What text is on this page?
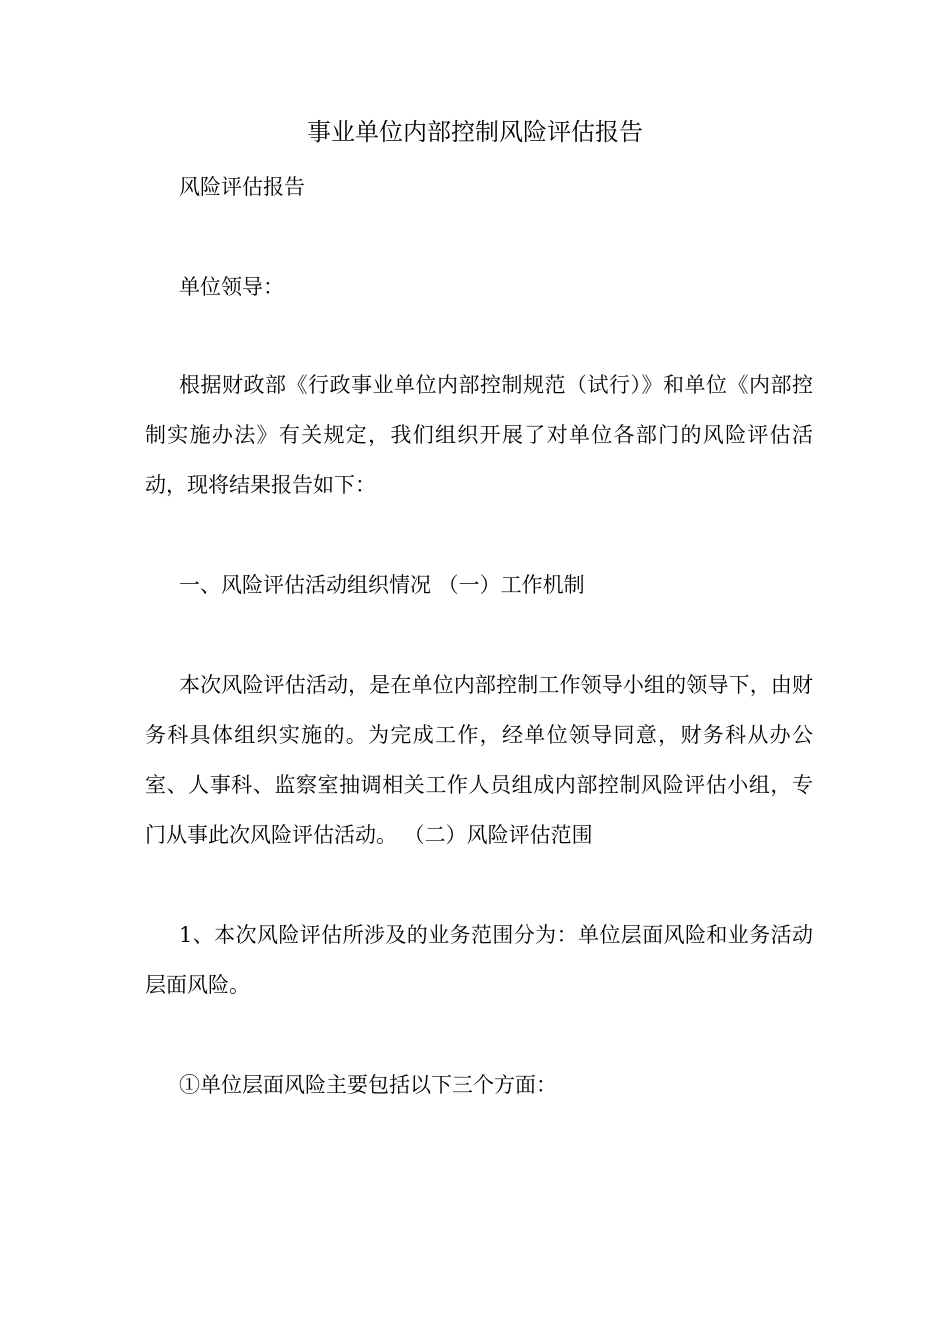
事业单位内部控制风险评估报告
风险评估报告
单位领导：
根据财政部《行政事业单位内部控制规范（试行）》和单位《内部控制实施办法》有关规定，我们组织开展了对单位各部门的风险评估活动，现将结果报告如下：
一、风险评估活动组织情况 （一）工作机制
本次风险评估活动，是在单位内部控制工作领导小组的领导下，由财务科具体组织实施的。为完成工作，经单位领导同意，财务科从办公室、人事科、监察室抽调相关工作人员组成内部控制风险评估小组，专门从事此次风险评估活动。 （二）风险评估范围
1、本次风险评估所涉及的业务范围分为：单位层面风险和业务活动层面风险。
①单位层面风险主要包括以下三个方面：
